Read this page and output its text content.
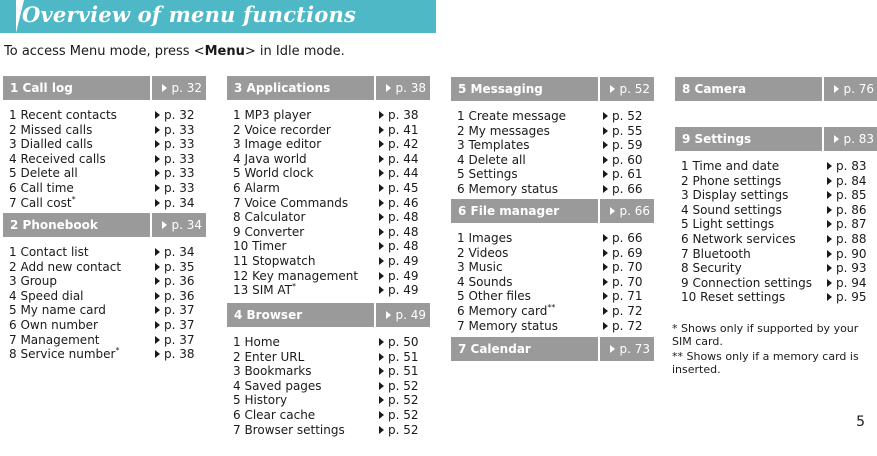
Overview of menu functions
To access Menu mode, press <Menu> in Idle mode.
1 Call log	p. 32
1 Recent contacts	p. 32
2 Missed calls	p. 33
3 Dialled calls	p. 33
4 Received calls	p. 33
5 Delete all	p. 33
6 Call time	p. 33
7 Call cost*	p. 34
2 Phonebook	p. 34
1 Contact list	p. 34
2 Add new contact	p. 35
3 Group	p. 36
4 Speed dial	p. 36
5 My name card	p. 37
6 Own number	p. 37
7 Management	p. 37
8 Service number*	p. 38
3 Applications	p. 38
1 MP3 player	p. 38
2 Voice recorder	p. 41
3 Image editor	p. 42
4 Java world	p. 44
5 World clock	p. 44
6 Alarm	p. 45
7 Voice Commands	p. 46
8 Calculator	p. 48
9 Converter	p. 48
10 Timer	p. 48
11 Stopwatch	p. 49
12 Key management	p. 49
13 SIM AT*	p. 49
4 Browser	p. 49
1 Home	p. 50
2 Enter URL	p. 51
3 Bookmarks	p. 51
4 Saved pages	p. 52
5 History	p. 52
6 Clear cache	p. 52
7 Browser settings	p. 52
5 Messaging	p. 52
1 Create message	p. 52
2 My messages	p. 55
3 Templates	p. 59
4 Delete all	p. 60
5 Settings	p. 61
6 Memory status	p. 66
6 File manager	p. 66
1 Images	p. 66
2 Videos	p. 69
3 Music	p. 70
4 Sounds	p. 70
5 Other files	p. 71
6 Memory card**	p. 72
7 Memory status	p. 72
7 Calendar	p. 73
8 Camera	p. 76
9 Settings	p. 83
1 Time and date	p. 83
2 Phone settings	p. 84
3 Display settings	p. 85
4 Sound settings	p. 86
5 Light settings	p. 87
6 Network services	p. 88
7 Bluetooth	p. 90
8 Security	p. 93
9 Connection settings	p. 94
10 Reset settings	p. 95
* Shows only if supported by your SIM card.
** Shows only if a memory card is inserted.
5
